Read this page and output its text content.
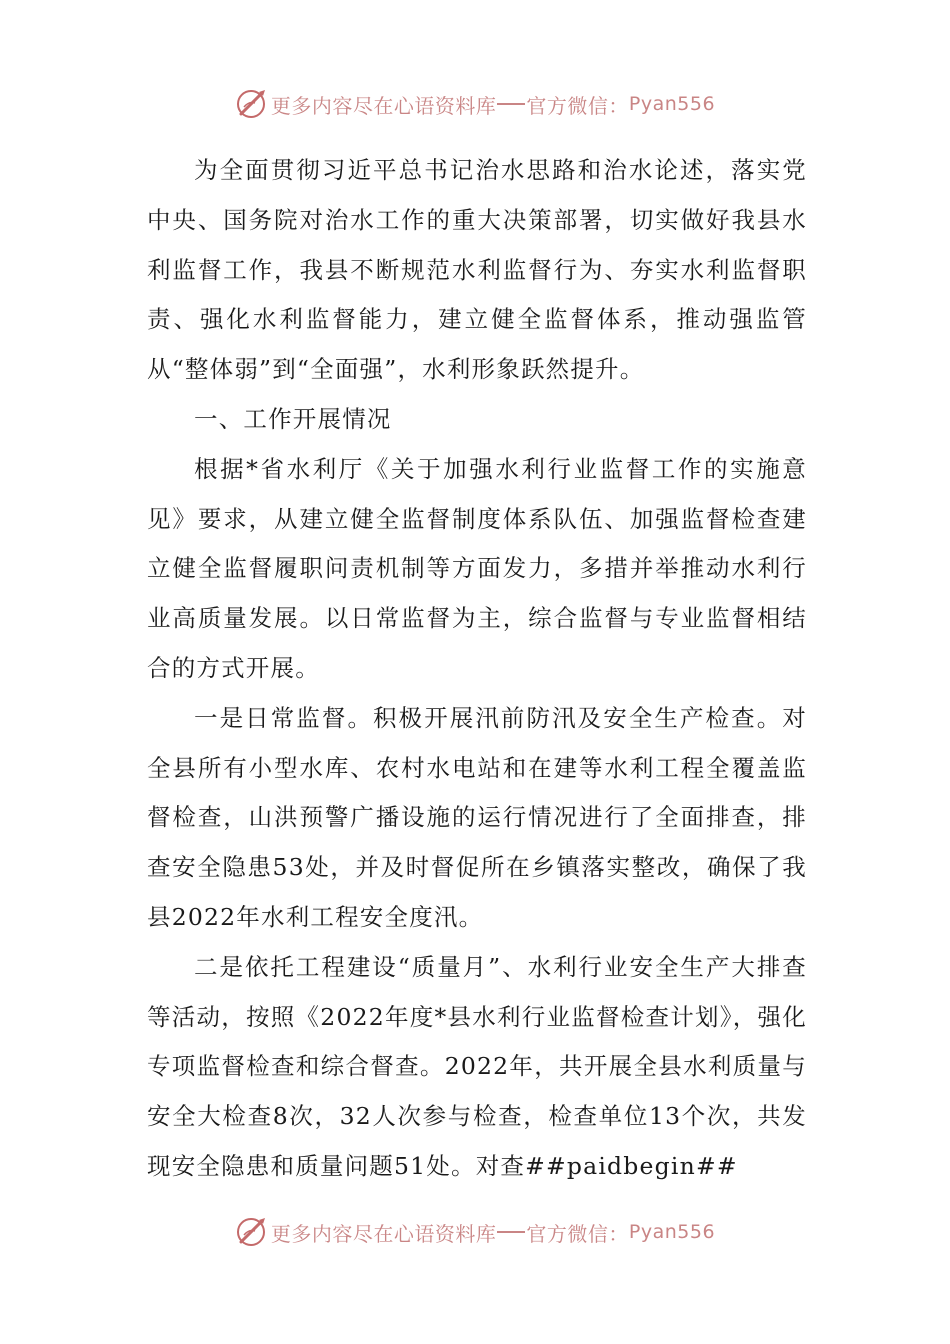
更多内容尽在心语资料库 官方微信： Pyan556

为全面贯彻习近平总书记治水思路和治水论述，落实党中央、国务院对治水工作的重大决策部署，切实做好我县水利监督工作，我县不断规范水利监督行为、夯实水利监督职责、强化水利监督能力，建立健全监督体系，推动强监管从“整体弱”到“全面强”，水利形象跃然提升。

一、工作开展情况

根据*省水利厅《关于加强水利行业监督工作的实施意见》要求，从建立健全监督制度体系队伍、加强监督检查建立健全监督履职问责机制等方面发力，多措并举推动水利行业高质量发展。以日常监督为主，综合监督与专业监督相结合的方式开展。

一是日常监督。积极开展汛前防汛及安全生产检查。对全县所有小型水库、农村水电站和在建等水利工程全覆盖监督检查，山洪预警广播设施的运行情况进行了全面排查，排查安全隐患53处，并及时督促所在乡镇落实整改，确保了我县2022年水利工程安全度汛。

二是依托工程建设“质量月”、水利行业安全生产大排查等活动，按照《2022年度*县水利行业监督检查计划》，强化专项监督检查和综合督查。2022年，共开展全县水利质量与安全大检查8次，32人次参与检查，检查单位13个次，共发现安全隐患和质量问题51处。对查##paidbegin##

更多内容尽在心语资料库 官方微信： Pyan556
